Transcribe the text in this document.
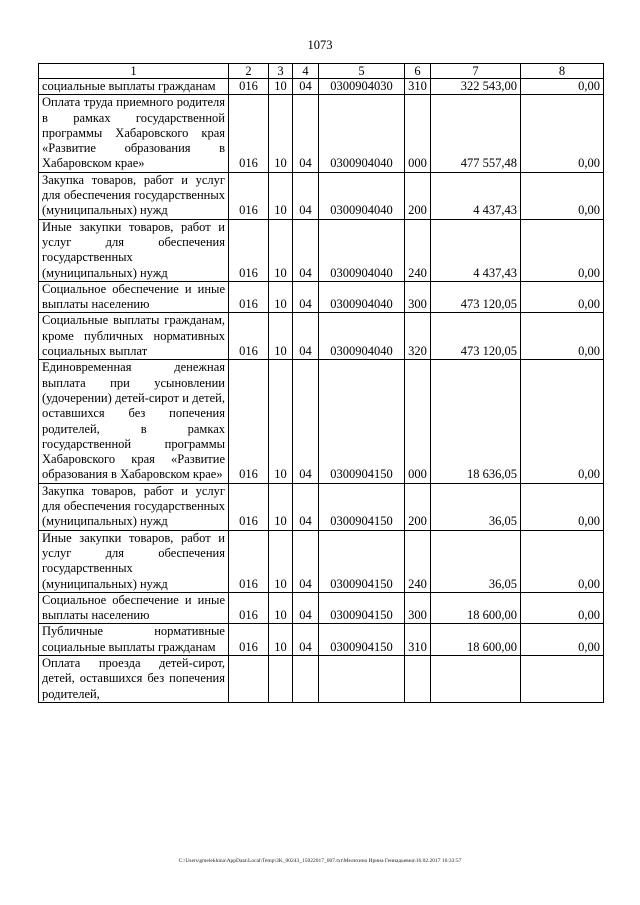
1073
1	2	3	4	5	6	7	8
социальные выплаты гражданам	016	10	04	0300904030	310	322 543,00	0,00
Оплата труда приемного родителя в рамках государственной программы Хабаровского края «Развитие образования в Хабаровском крае»	016	10	04	0300904040	000	477 557,48	0,00
Закупка товаров, работ и услуг для обеспечения государственных (муниципальных) нужд	016	10	04	0300904040	200	4 437,43	0,00
Иные закупки товаров, работ и услуг для обеспечения государственных (муниципальных) нужд	016	10	04	0300904040	240	4 437,43	0,00
Социальное обеспечение и иные выплаты населению	016	10	04	0300904040	300	473 120,05	0,00
Социальные выплаты гражданам, кроме публичных нормативных социальных выплат	016	10	04	0300904040	320	473 120,05	0,00
Единовременная денежная выплата при усыновлении (удочерении) детей-сирот и детей, оставшихся без попечения родителей, в рамках государственной программы Хабаровского края «Развитие образования в Хабаровском крае»	016	10	04	0300904150	000	18 636,05	0,00
Закупка товаров, работ и услуг для обеспечения государственных (муниципальных) нужд	016	10	04	0300904150	200	36,05	0,00
Иные закупки товаров, работ и услуг для обеспечения государственных (муниципальных) нужд	016	10	04	0300904150	240	36,05	0,00
Социальное обеспечение и иные выплаты населению	016	10	04	0300904150	300	18 600,00	0,00
Публичные нормативные социальные выплаты гражданам	016	10	04	0300904150	310	18 600,00	0,00
Оплата проезда детей-сирот, детей, оставшихся без попечения родителей,							
C:\Users\gmelekhina\AppData\Local\Temp\3K_00243_15022017_007.txt\Мелехина Ирина Геннадьевна\16.02.2017 16:33:57
